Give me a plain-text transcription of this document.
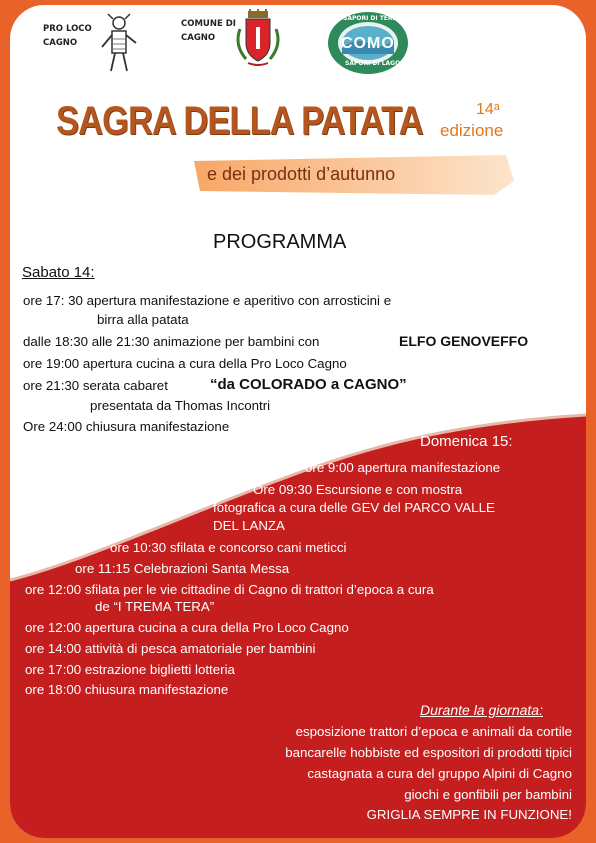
PRO LOCO
CAGNO
COMUNE DI
CAGNO	COMO
SAPORI DI TERRA
SAPORI DI LAGO
SAGRA DELLA PATATA	14$^a$
edizione
e dei prodotti d’autunno
PROGRAMMA
Sabato 14:
ore 17: 30 apertura manifestazione e aperitivo con arrosticini e
birra alla patata
dalle 18:30 alle 21:30 animazione per bambini con	ELFO GENOVEFFO
ore 19:00 apertura cucina a cura della Pro Loco Cagno
ore 21:30 serata cabaret	“da COLORADO a CAGNO”
presentata da Thomas Incontri
Ore 24:00 chiusura manifestazione
Domenica 15:
ore 9:00 apertura manifestazione
Ore 09:30 Escursione e con mostra
fotografica a cura delle GEV del PARCO VALLE
DEL LANZA
ore 10:30 sfilata e concorso cani meticci
ore 11:15 Celebrazioni Santa Messa
ore 12:00 sfilata per le vie cittadine di Cagno di trattori d’epoca a cura
de “I TREMA TERA”
ore 12:00 apertura cucina a cura della Pro Loco Cagno
ore 14:00 attività di pesca amatoriale per bambini
ore 17:00 estrazione biglietti lotteria
ore 18:00 chiusura manifestazione
Durante la giornata:
esposizione trattori d’epoca e animali da cortile
bancarelle hobbiste ed espositori di prodotti tipici
castagnata a cura del gruppo Alpini di Cagno
giochi e gonfibili per bambini
GRIGLIA SEMPRE IN FUNZIONE!
